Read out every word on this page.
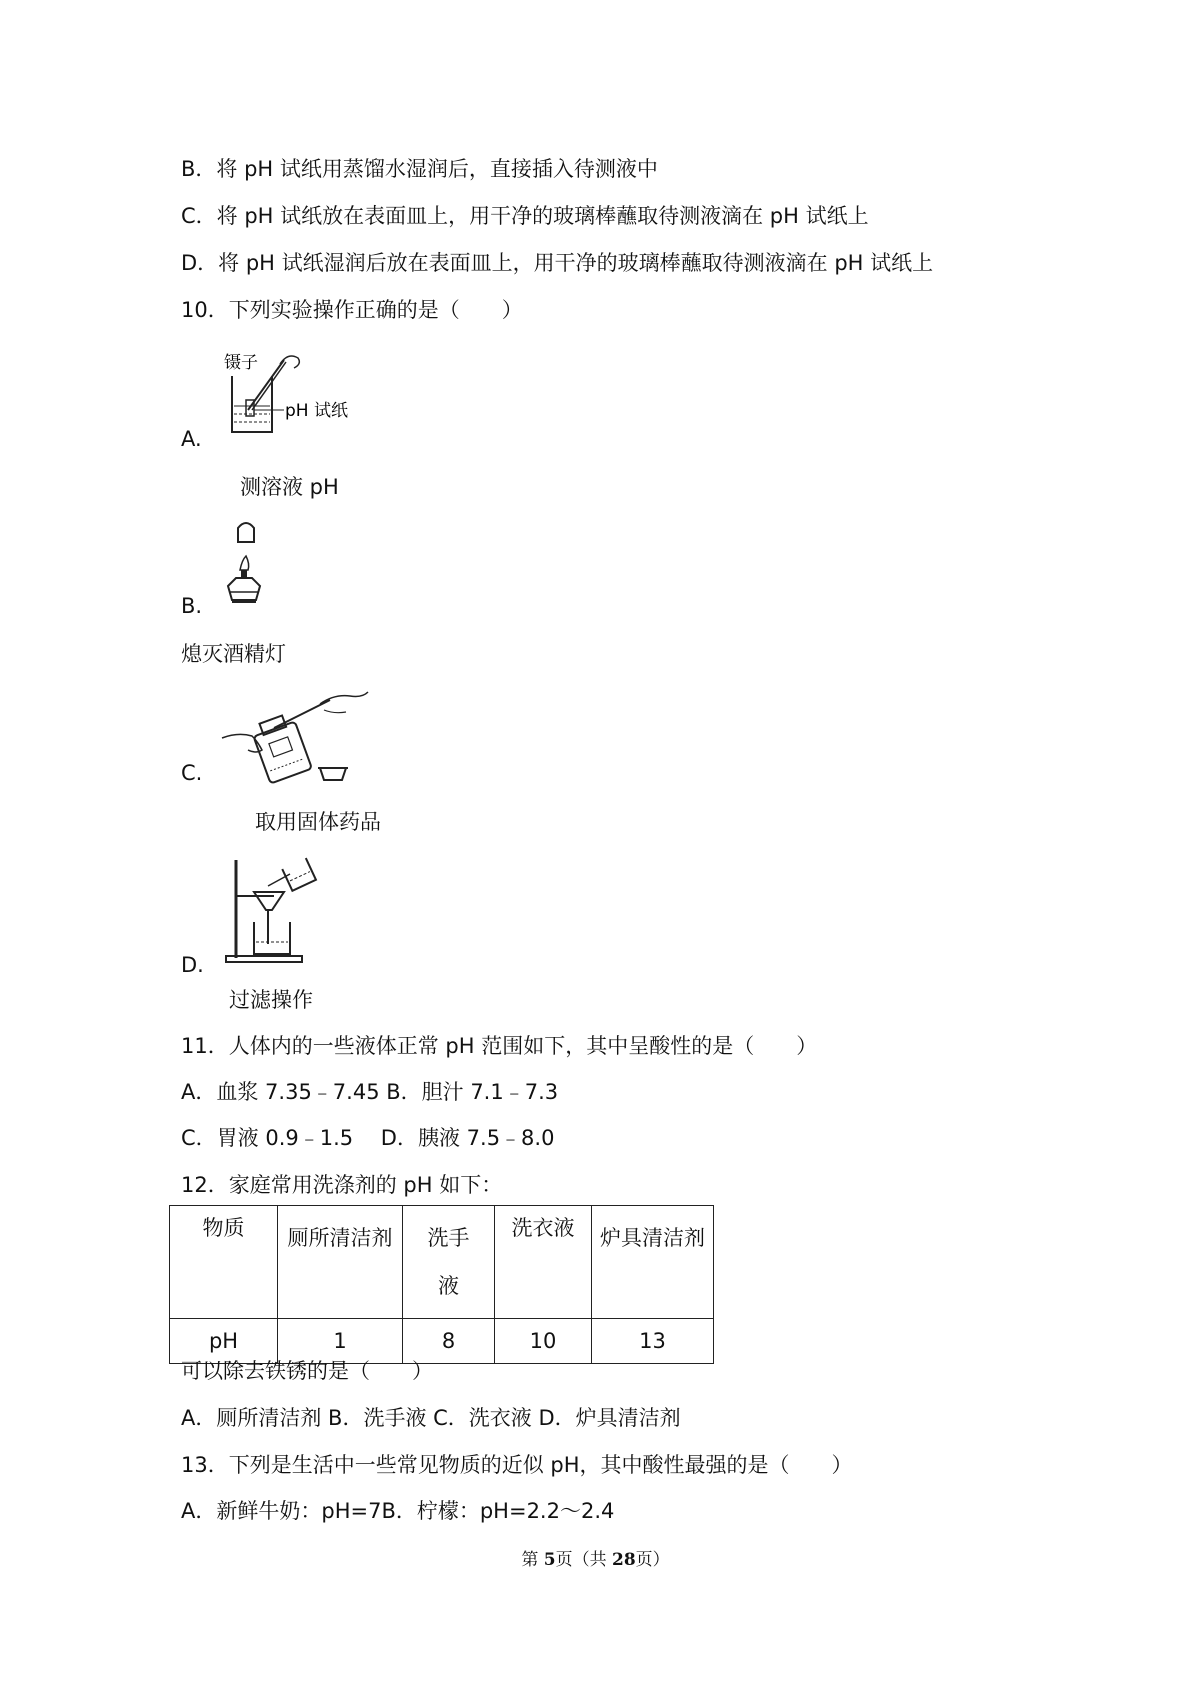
B．将 pH 试纸用蒸馏水湿润后，直接插入待测液中
C．将 pH 试纸放在表面皿上，用干净的玻璃棒蘸取待测液滴在 pH 试纸上
D．将 pH 试纸湿润后放在表面皿上，用干净的玻璃棒蘸取待测液滴在 pH 试纸上
10．下列实验操作正确的是（　　）
镊子
pH 试纸
A.
测溶液 pH
B.
熄灭酒精灯
C.
取用固体药品
D.
过滤操作
11．人体内的一些液体正常 pH 范围如下，其中呈酸性的是（　　）
A．血浆 7.35﹣7.45 B．胆汁 7.1﹣7.3
C．胃液 0.9﹣1.5　 D．胰液 7.5﹣8.0
12．家庭常用洗涤剂的 pH 如下：
物质	厕所清洁剂	洗手液	洗衣液	炉具清洁剂

pH	1	8	10	13
可以除去铁锈的是（　　）
A．厕所清洁剂 B．洗手液 C．洗衣液 D．炉具清洁剂
13．下列是生活中一些常见物质的近似 pH，其中酸性最强的是（　　）
A．新鲜牛奶：pH=7B．柠檬：pH=2.2～2.4
第 5页（共 28页）
